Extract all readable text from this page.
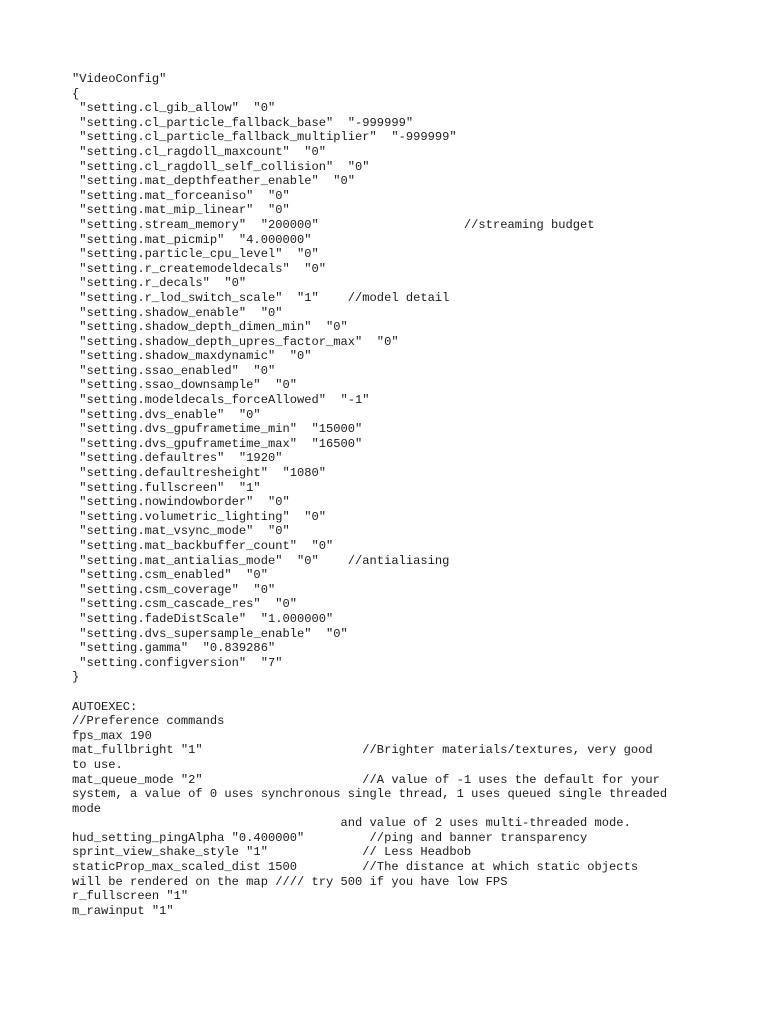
"VideoConfig"
{
"setting.cl_gib_allow"  "0"
"setting.cl_particle_fallback_base"  "-999999"
"setting.cl_particle_fallback_multiplier"  "-999999"
"setting.cl_ragdoll_maxcount"  "0"
"setting.cl_ragdoll_self_collision"  "0"
"setting.mat_depthfeather_enable"  "0"
"setting.mat_forceaniso"  "0"
"setting.mat_mip_linear"  "0"
"setting.stream_memory"  "200000"                    //streaming budget
"setting.mat_picmip"  "4.000000"
"setting.particle_cpu_level"  "0"
"setting.r_createmodeldecals"  "0"
"setting.r_decals"  "0"
"setting.r_lod_switch_scale"  "1"    //model detail
"setting.shadow_enable"  "0"
"setting.shadow_depth_dimen_min"  "0"
"setting.shadow_depth_upres_factor_max"  "0"
"setting.shadow_maxdynamic"  "0"
"setting.ssao_enabled"  "0"
"setting.ssao_downsample"  "0"
"setting.modeldecals_forceAllowed"  "-1"
"setting.dvs_enable"  "0"
"setting.dvs_gpuframetime_min"  "15000"
"setting.dvs_gpuframetime_max"  "16500"
"setting.defaultres"  "1920"
"setting.defaultresheight"  "1080"
"setting.fullscreen"  "1"
"setting.nowindowborder"  "0"
"setting.volumetric_lighting"  "0"
"setting.mat_vsync_mode"  "0"
"setting.mat_backbuffer_count"  "0"
"setting.mat_antialias_mode"  "0"    //antialiasing
"setting.csm_enabled"  "0"
"setting.csm_coverage"  "0"
"setting.csm_cascade_res"  "0"
"setting.fadeDistScale"  "1.000000"
"setting.dvs_supersample_enable"  "0"
"setting.gamma"  "0.839286"
"setting.configversion"  "7"
}
AUTOEXEC:
//Preference commands
fps_max 190
mat_fullbright "1"                      //Brighter materials/textures, very good
to use.
mat_queue_mode "2"                      //A value of -1 uses the default for your
system, a value of 0 uses synchronous single thread, 1 uses queued single threaded
mode
and value of 2 uses multi-threaded mode.
hud_setting_pingAlpha "0.400000"         //ping and banner transparency
sprint_view_shake_style "1"             // Less Headbob
staticProp_max_scaled_dist 1500         //The distance at which static objects
will be rendered on the map //// try 500 if you have low FPS
r_fullscreen "1"
m_rawinput "1"
